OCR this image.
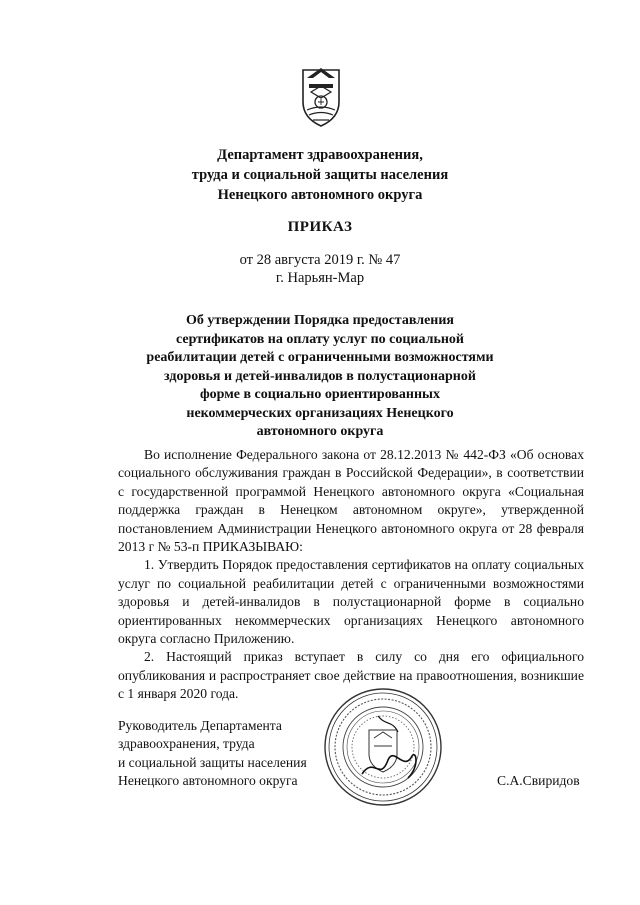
Департамент здравоохранения,
труда и социальной защиты населения
Ненецкого автономного округа
ПРИКАЗ
от 28 августа 2019 г. № 47
г. Нарьян-Мар
Об утверждении Порядка предоставления
сертификатов на оплату услуг по социальной
реабилитации детей с ограниченными возможностями
здоровья и детей-инвалидов в полустационарной
форме в социально ориентированных
некоммерческих организациях Ненецкого
автономного округа

Во исполнение Федерального закона от 28.12.2013 № 442-ФЗ «Об основах социального обслуживания граждан в Российской Федерации», в соответствии с государственной программой Ненецкого автономного округа «Социальная поддержка граждан в Ненецком автономном округе», утвержденной постановлением Администрации Ненецкого автономного округа от 28 февраля 2013 г № 53-п ПРИКАЗЫВАЮ:

1. Утвердить Порядок предоставления сертификатов на оплату социальных услуг по социальной реабилитации детей с ограниченными возможностями здоровья и детей-инвалидов в полустационарной форме в социально ориентированных некоммерческих организациях Ненецкого автономного округа согласно Приложению.

2. Настоящий приказ вступает в силу со дня его официального опубликования и распространяет свое действие на правоотношения, возникшие с 1 января 2020 года.

Руководитель Департамента
здравоохранения, труда
и социальной защиты населения
Ненецкого автономного округа	С.А.Свиридов
